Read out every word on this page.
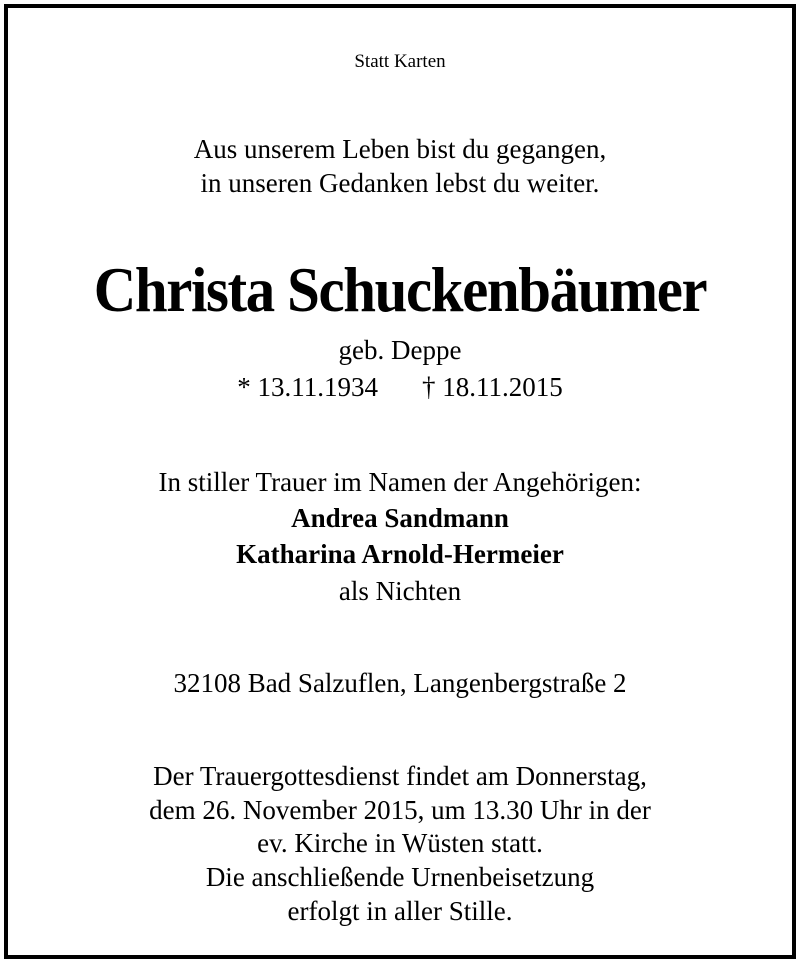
Statt Karten
Aus unserem Leben bist du gegangen,
in unseren Gedanken lebst du weiter.
Christa Schuckenbäumer
geb. Deppe
* 13.11.1934 † 18.11.2015
In stiller Trauer im Namen der Angehörigen:
Andrea Sandmann
Katharina Arnold-Hermeier
als Nichten
32108 Bad Salzuflen, Langenbergstraße 2
Der Trauergottesdienst findet am Donnerstag,
dem 26. November 2015, um 13.30 Uhr in der
ev. Kirche in Wüsten statt.
Die anschließende Urnenbeisetzung
erfolgt in aller Stille.
